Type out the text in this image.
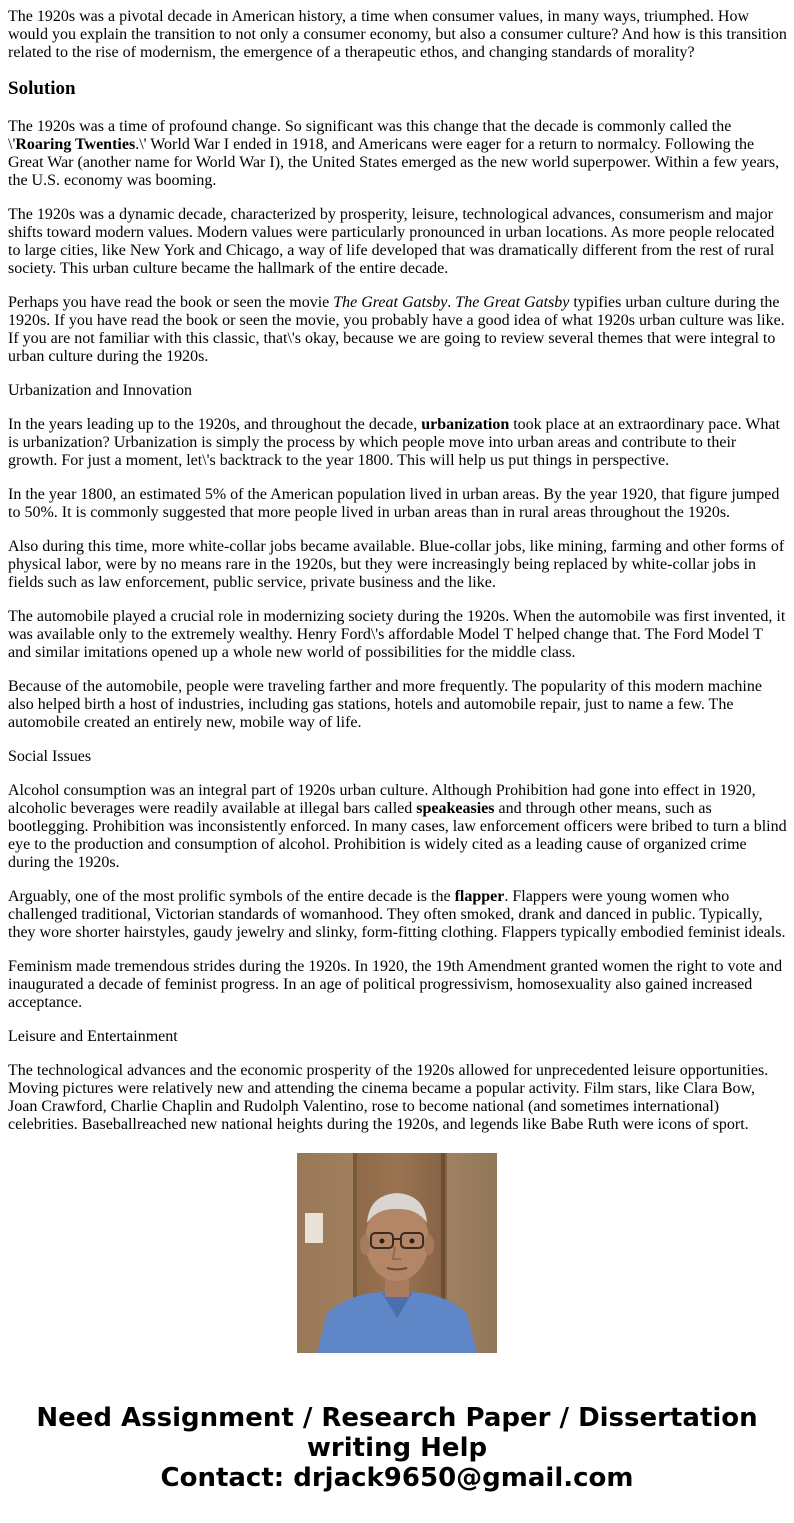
The 1920s was a pivotal decade in American history, a time when consumer values, in many ways, triumphed. How would you explain the transition to not only a consumer economy, but also a consumer culture? And how is this transition related to the rise of modernism, the emergence of a therapeutic ethos, and changing standards of morality?

Solution

The 1920s was a time of profound change. So significant was this change that the decade is commonly called the \'Roaring Twenties.\' World War I ended in 1918, and Americans were eager for a return to normalcy. Following the Great War (another name for World War I), the United States emerged as the new world superpower. Within a few years, the U.S. economy was booming.

The 1920s was a dynamic decade, characterized by prosperity, leisure, technological advances, consumerism and major shifts toward modern values. Modern values were particularly pronounced in urban locations. As more people relocated to large cities, like New York and Chicago, a way of life developed that was dramatically different from the rest of rural society. This urban culture became the hallmark of the entire decade.

Perhaps you have read the book or seen the movie The Great Gatsby. The Great Gatsby typifies urban culture during the 1920s. If you have read the book or seen the movie, you probably have a good idea of what 1920s urban culture was like. If you are not familiar with this classic, that\'s okay, because we are going to review several themes that were integral to urban culture during the 1920s.

Urbanization and Innovation

In the years leading up to the 1920s, and throughout the decade, urbanization took place at an extraordinary pace. What is urbanization? Urbanization is simply the process by which people move into urban areas and contribute to their growth. For just a moment, let\'s backtrack to the year 1800. This will help us put things in perspective.

In the year 1800, an estimated 5% of the American population lived in urban areas. By the year 1920, that figure jumped to 50%. It is commonly suggested that more people lived in urban areas than in rural areas throughout the 1920s.

Also during this time, more white-collar jobs became available. Blue-collar jobs, like mining, farming and other forms of physical labor, were by no means rare in the 1920s, but they were increasingly being replaced by white-collar jobs in fields such as law enforcement, public service, private business and the like.

The automobile played a crucial role in modernizing society during the 1920s. When the automobile was first invented, it was available only to the extremely wealthy. Henry Ford\'s affordable Model T helped change that. The Ford Model T and similar imitations opened up a whole new world of possibilities for the middle class.

Because of the automobile, people were traveling farther and more frequently. The popularity of this modern machine also helped birth a host of industries, including gas stations, hotels and automobile repair, just to name a few. The automobile created an entirely new, mobile way of life.

Social Issues

Alcohol consumption was an integral part of 1920s urban culture. Although Prohibition had gone into effect in 1920, alcoholic beverages were readily available at illegal bars called speakeasies and through other means, such as bootlegging. Prohibition was inconsistently enforced. In many cases, law enforcement officers were bribed to turn a blind eye to the production and consumption of alcohol. Prohibition is widely cited as a leading cause of organized crime during the 1920s.

Arguably, one of the most prolific symbols of the entire decade is the flapper. Flappers were young women who challenged traditional, Victorian standards of womanhood. They often smoked, drank and danced in public. Typically, they wore shorter hairstyles, gaudy jewelry and slinky, form-fitting clothing. Flappers typically embodied feminist ideals.

Feminism made tremendous strides during the 1920s. In 1920, the 19th Amendment granted women the right to vote and inaugurated a decade of feminist progress. In an age of political progressivism, homosexuality also gained increased acceptance.

Leisure and Entertainment

The technological advances and the economic prosperity of the 1920s allowed for unprecedented leisure opportunities. Moving pictures were relatively new and attending the cinema became a popular activity. Film stars, like Clara Bow, Joan Crawford, Charlie Chaplin and Rudolph Valentino, rose to become national (and sometimes international) celebrities. Baseballreached new national heights during the 1920s, and legends like Babe Ruth were icons of sport.

Need Assignment / Research Paper / Dissertation
writing Help
Contact: drjack9650@gmail.com
